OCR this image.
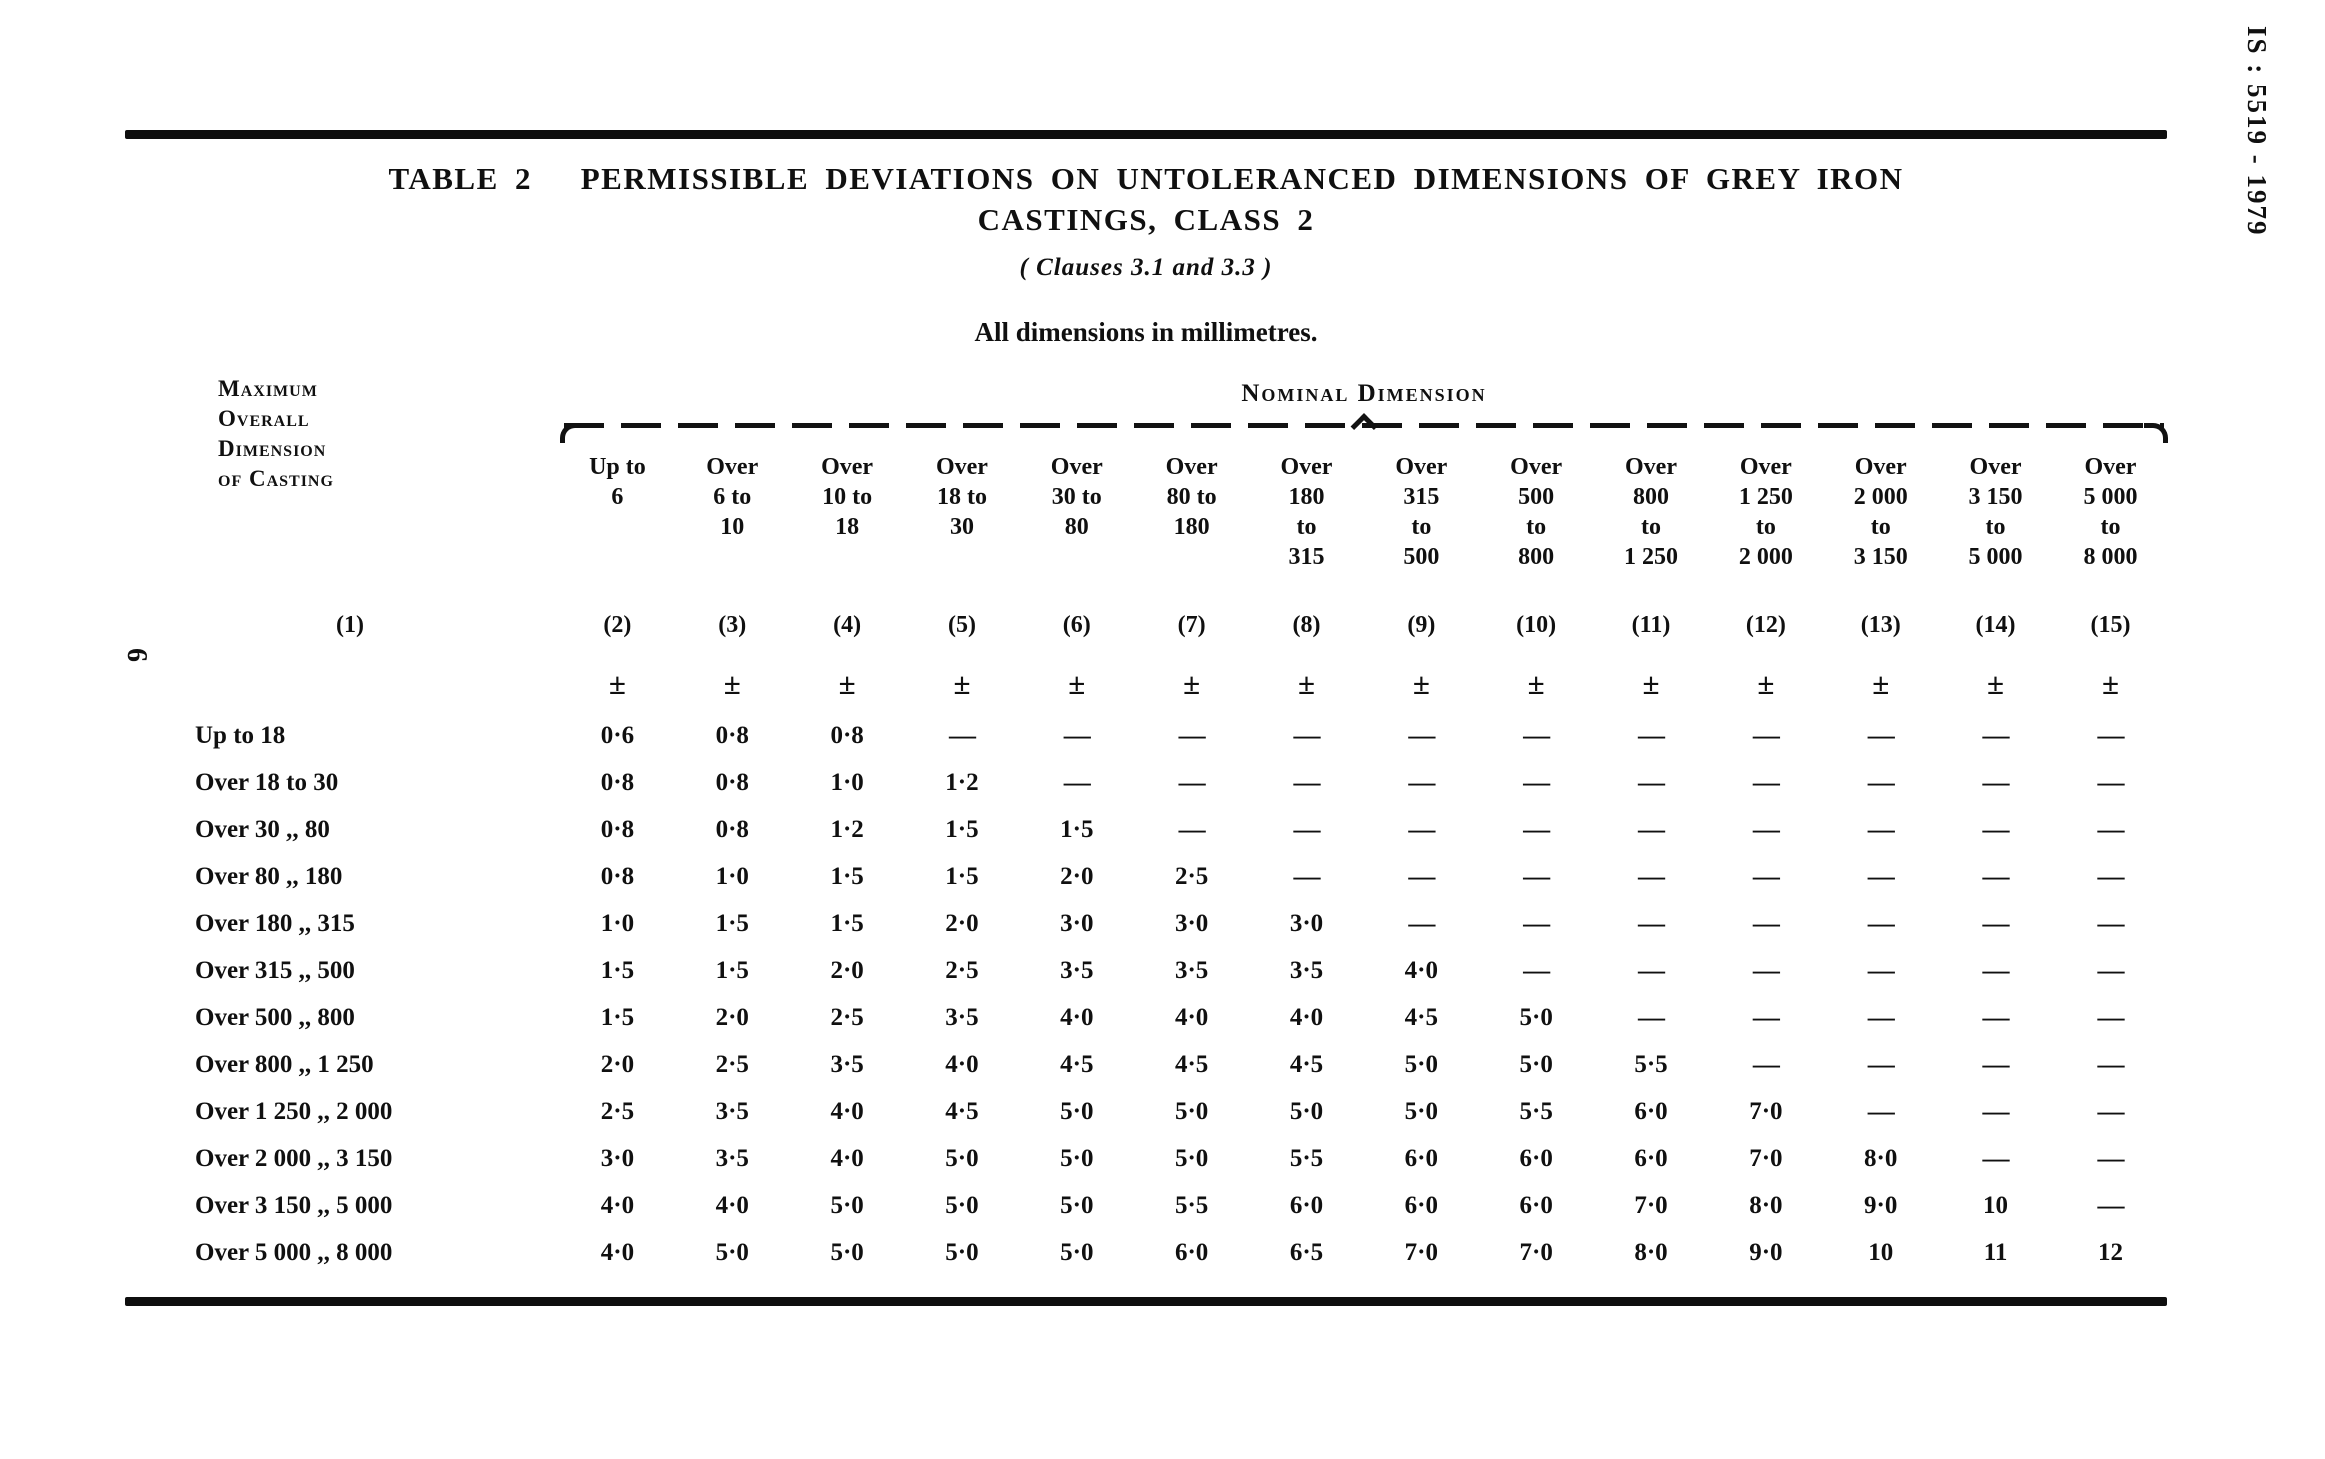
IS : 5519 - 1979
6
TABLE 2   PERMISSIBLE DEVIATIONS ON UNTOLERANCED DIMENSIONS OF GREY IRON
CASTINGS, CLASS 2
( Clauses 3.1 and 3.3 )
All dimensions in millimetres.
Maximum
Overall
Dimension
of Casting	Nominal Dimension													

Up to
6

Over
6 to
10

Over
10 to
18

Over
18 to
30

Over
30 to
80

Over
80 to
180

Over
180
to
315

Over
315
to
500

Over
500
to
800

Over
800
to
1 250

Over
1 250
to
2 000

Over
2 000
to
3 150

Over
3 150
to
5 000

Over
5 000
to
8 000

(1)	(2)	(3)	(4)	(5)	(6)	(7)	(8)	(9)	(10)	(11)	(12)	(13)	(14)	(15)
	±	±	±	±	±	±	±	±	±	±	±	±	±	±
Up to 18	0·6	0·8	0·8	—	—	—	—	—	—	—	—	—	—	—
Over 18 to 30	0·8	0·8	1·0	1·2	—	—	—	—	—	—	—	—	—	—
Over 30 ,, 80	0·8	0·8	1·2	1·5	1·5	—	—	—	—	—	—	—	—	—
Over 80 ,, 180	0·8	1·0	1·5	1·5	2·0	2·5	—	—	—	—	—	—	—	—
Over 180 ,, 315	1·0	1·5	1·5	2·0	3·0	3·0	3·0	—	—	—	—	—	—	—
Over 315 ,, 500	1·5	1·5	2·0	2·5	3·5	3·5	3·5	4·0	—	—	—	—	—	—
Over 500 ,, 800	1·5	2·0	2·5	3·5	4·0	4·0	4·0	4·5	5·0	—	—	—	—	—
Over 800 ,, 1 250	2·0	2·5	3·5	4·0	4·5	4·5	4·5	5·0	5·0	5·5	—	—	—	—
Over 1 250 ,, 2 000	2·5	3·5	4·0	4·5	5·0	5·0	5·0	5·0	5·5	6·0	7·0	—	—	—
Over 2 000 ,, 3 150	3·0	3·5	4·0	5·0	5·0	5·0	5·5	6·0	6·0	6·0	7·0	8·0	—	—
Over 3 150 ,, 5 000	4·0	4·0	5·0	5·0	5·0	5·5	6·0	6·0	6·0	7·0	8·0	9·0	10	—
Over 5 000 ,, 8 000	4·0	5·0	5·0	5·0	5·0	6·0	6·5	7·0	7·0	8·0	9·0	10	11	12
